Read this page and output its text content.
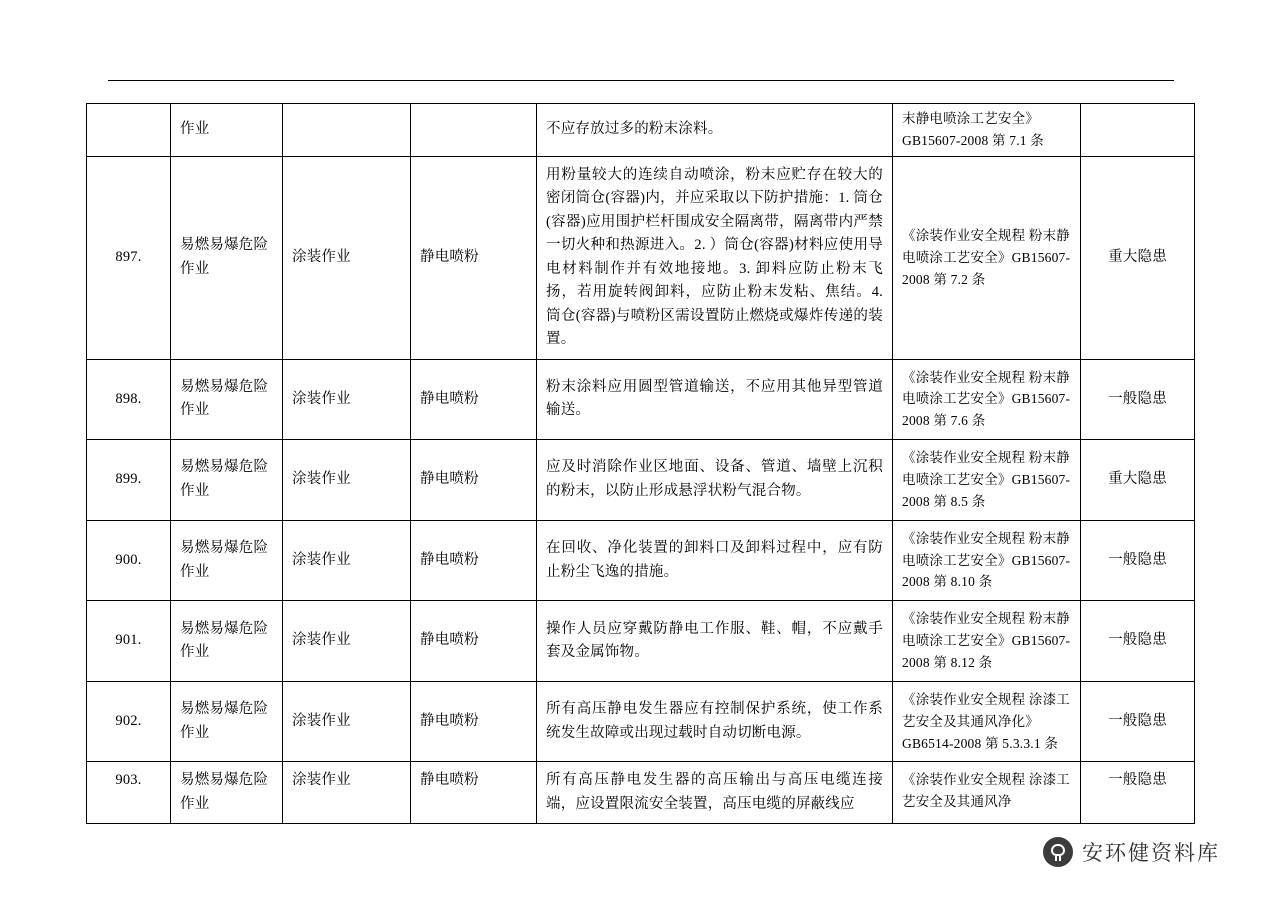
	作业			不应存放过多的粉末涂料。	末静电喷涂工艺安全》GB15607-2008 第 7.1 条	
897.	易燃易爆危险作业	涂装作业	静电喷粉	用粉量较大的连续自动喷涂，粉末应贮存在较大的密闭筒仓(容器)内，并应采取以下防护措施：1. 筒仓(容器)应用围护栏杆围成安全隔离带，隔离带内严禁一切火种和热源进入。2. ）筒仓(容器)材料应使用导电材料制作并有效地接地。3. 卸料应防止粉末飞扬，若用旋转阀卸料，应防止粉末发粘、焦结。4. 筒仓(容器)与喷粉区需设置防止燃烧或爆炸传递的装置。	《涂装作业安全规程 粉末静电喷涂工艺安全》GB15607-2008 第 7.2 条	重大隐患
898.	易燃易爆危险作业	涂装作业	静电喷粉	粉末涂料应用圆型管道输送，不应用其他异型管道输送。	《涂装作业安全规程 粉末静电喷涂工艺安全》GB15607-2008 第 7.6 条	一般隐患
899.	易燃易爆危险作业	涂装作业	静电喷粉	应及时消除作业区地面、设备、管道、墙壁上沉积的粉末，以防止形成悬浮状粉气混合物。	《涂装作业安全规程 粉末静电喷涂工艺安全》GB15607-2008 第 8.5 条	重大隐患
900.	易燃易爆危险作业	涂装作业	静电喷粉	在回收、净化装置的卸料口及卸料过程中，应有防止粉尘飞逸的措施。	《涂装作业安全规程 粉末静电喷涂工艺安全》GB15607-2008 第 8.10 条	一般隐患
901.	易燃易爆危险作业	涂装作业	静电喷粉	操作人员应穿戴防静电工作服、鞋、帽，不应戴手套及金属饰物。	《涂装作业安全规程 粉末静电喷涂工艺安全》GB15607-2008 第 8.12 条	一般隐患
902.	易燃易爆危险作业	涂装作业	静电喷粉	所有高压静电发生器应有控制保护系统，使工作系统发生故障或出现过载时自动切断电源。	《涂装作业安全规程 涂漆工艺安全及其通风净化》GB6514-2008 第 5.3.3.1 条	一般隐患
903.	易燃易爆危险作业	涂装作业	静电喷粉	所有高压静电发生器的高压输出与高压电缆连接端，应设置限流安全装置，高压电缆的屏蔽线应	《涂装作业安全规程 涂漆工艺安全及其通风净	一般隐患
安环健资料库
